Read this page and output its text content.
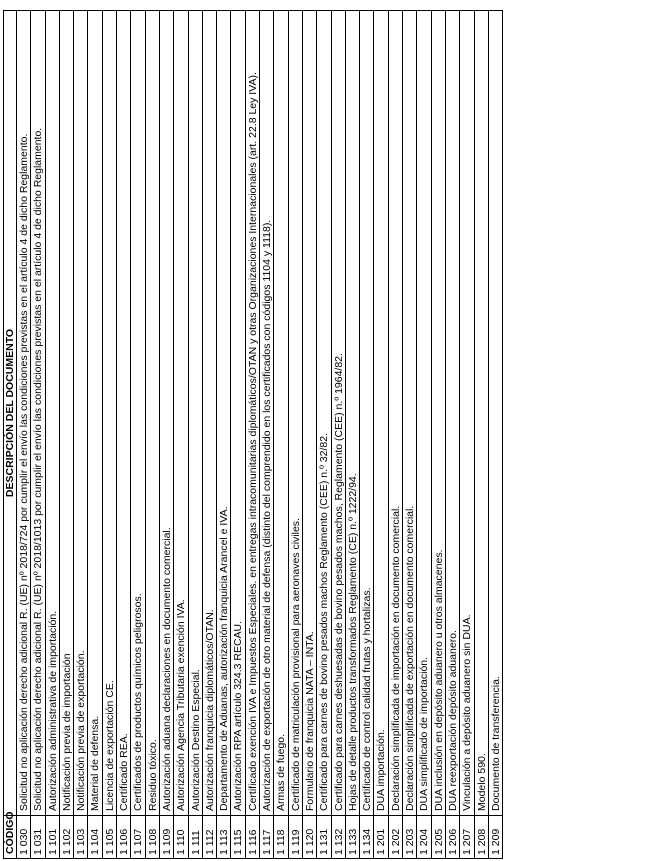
CÓDIGO	DESCRIPCIÓN DEL DOCUMENTO
1 030	Solicitud no aplicación derecho adicional R. (UE) nº 2018/724 por cumplir el envío las condiciones previstas en el artículo 4 de dicho Reglamento.
1 031	Solicitud no aplicación derecho adicional R. (UE) nº 2018/1013 por cumplir el envío las condiciones previstas en el artículo 4 de dicho Reglamento.
1 101	Autorización administrativa de importación.
1 102	Notificación previa de importación
1 103	Notificación previa de exportación.
1 104	Material de defensa.
1 105	Licencia de exportación CE.
1 106	Certificado REA.
1 107	Certificados de productos químicos peligrosos.
1 108	Residuo tóxico.
1 109	Autorización aduana declaraciones en documento comercial.
1 110	Autorización Agencia Tributaria exención IVA.
1 111	Autorización Destino Especial.
1 112	Autorización franquicia diplomáticos/OTAN.
1 113	Departamento de Aduanas, autorización franquicia Arancel e IVA.
1 115	Autorización RPA artículo 324.3 RECAU.
1 116	Certificado exención IVA e Impuestos Especiales. en entregas intracomunitarias diplomáticos/OTAN y otras Organizaciones Internacionales (art. 22.8 Ley IVA).
1 117	Autorización de exportación de otro material de defensa (distinto del comprendido en los certificados con códigos 1104 y 1118).
1 118	Armas de fuego.
1 119	Certificado de matriculación provisional para aeronaves civiles.
1 120	Formulario de franquicia NATA – INTA.
1 131	Certificado para carnes de bovino pesados machos Reglamento (CEE) n.º 32/82.
1 132	Certificado para carnes deshuesadas de bovino pesados machos, Reglamento (CEE) n.º 1964/82.
1 133	Hojas de detalle productos transformados Reglamento (CE) n.º 1222/94.
1 134	Certificado de control calidad frutas y hortalizas.
1 201	DUA importación.
1 202	Declaración simplificada de importación en documento comercial.
1 203	Declaración simplificada de exportación en documento comercial.
1 204	DUA simplificado de importación.
1 205	DUA inclusión en depósito aduanero u otros almacenes.
1 206	DUA reexportación depósito aduanero.
1 207	Vinculación a depósito aduanero sin DUA.
1 208	Modelo 590.
1 209	Documento de transferencia.
